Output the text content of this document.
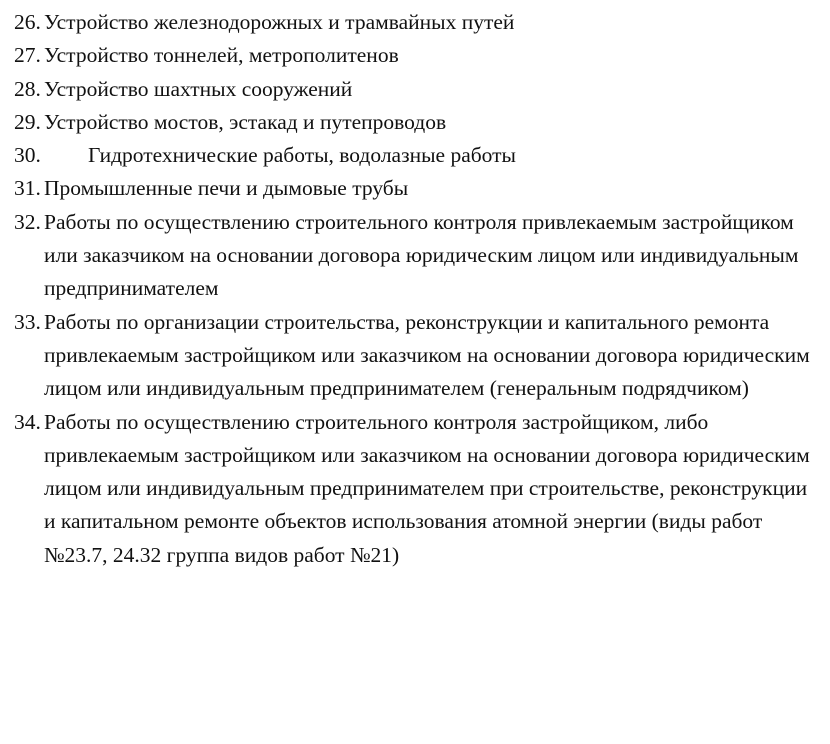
26. Устройство железнодорожных и трамвайных путей
27. Устройство тоннелей, метрополитенов
28. Устройство шахтных сооружений
29. Устройство мостов, эстакад и путепроводов
30. Гидротехнические работы, водолазные работы
31. Промышленные печи и дымовые трубы
32. Работы по осуществлению строительного контроля привлекаемым застройщиком или заказчиком на основании договора юридическим лицом или индивидуальным предпринимателем
33. Работы по организации строительства, реконструкции и капитального ремонта привлекаемым застройщиком или заказчиком на основании договора юридическим лицом или индивидуальным предпринимателем (генеральным подрядчиком)
34. Работы по осуществлению строительного контроля застройщиком, либо привлекаемым застройщиком или заказчиком на основании договора юридическим лицом или индивидуальным предпринимателем при строительстве, реконструкции и капитальном ремонте объектов использования атомной энергии (виды работ №23.7, 24.32 группа видов работ №21)
